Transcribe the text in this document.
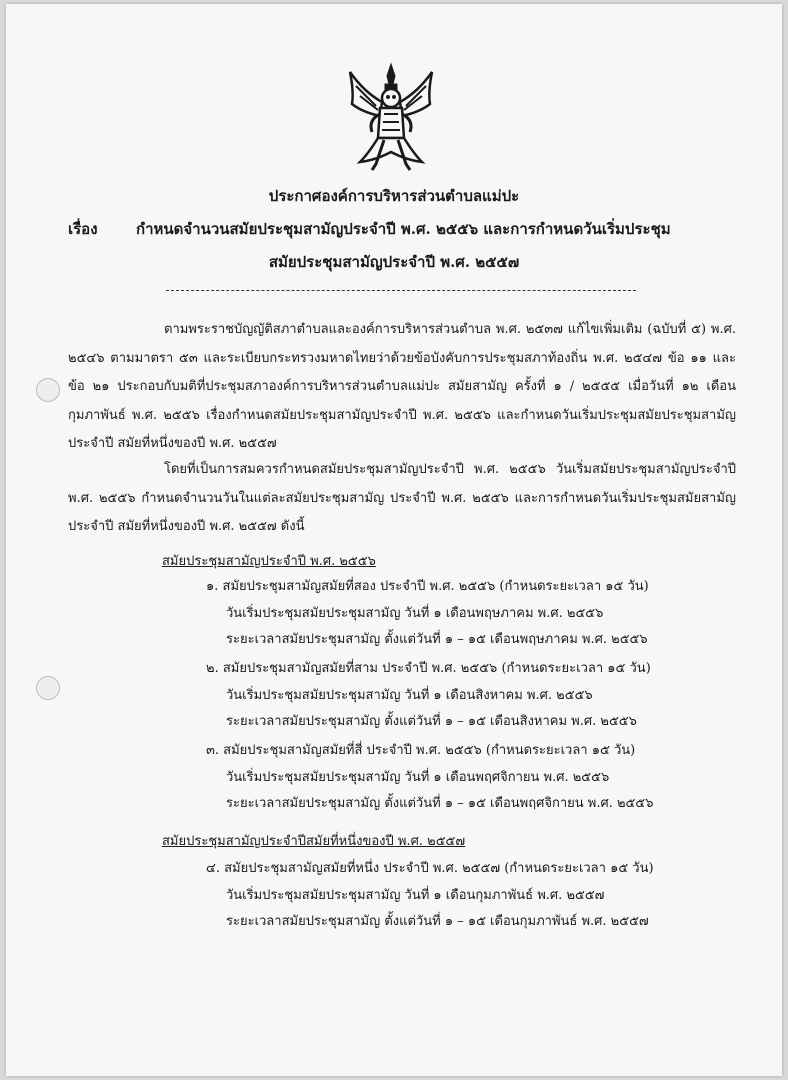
ประกาศองค์การบริหารส่วนตำบลแม่ปะ
เรื่อง	กำหนดจำนวนสมัยประชุมสามัญประจำปี พ.ศ. ๒๕๕๖ และการกำหนดวันเริ่มประชุม
สมัยประชุมสามัญประจำปี พ.ศ. ๒๕๕๗

ตามพระราชบัญญัติสภาตำบลและองค์การบริหารส่วนตำบล พ.ศ. ๒๕๓๗ แก้ไขเพิ่มเติม (ฉบับที่ ๕) พ.ศ. ๒๕๔๖ ตามมาตรา ๕๓ และระเบียบกระทรวงมหาดไทยว่าด้วยข้อบังคับการประชุมสภาท้องถิ่น พ.ศ. ๒๕๔๗ ข้อ ๑๑ และข้อ ๒๑ ประกอบกับมติที่ประชุมสภาองค์การบริหารส่วนตำบลแม่ปะ สมัยสามัญ ครั้งที่ ๑ / ๒๕๕๕ เมื่อวันที่ ๑๒ เดือนกุมภาพันธ์ พ.ศ. ๒๕๕๖ เรื่องกำหนดสมัยประชุมสามัญประจำปี พ.ศ. ๒๕๕๖ และกำหนดวันเริ่มประชุมสมัยประชุมสามัญประจำปี สมัยที่หนึ่งของปี พ.ศ. ๒๕๕๗

โดยที่เป็นการสมควรกำหนดสมัยประชุมสามัญประจำปี พ.ศ. ๒๕๕๖ วันเริ่มสมัยประชุมสามัญประจำปี พ.ศ. ๒๕๕๖ กำหนดจำนวนวันในแต่ละสมัยประชุมสามัญ ประจำปี พ.ศ. ๒๕๕๖ และการกำหนดวันเริ่มประชุมสมัยสามัญประจำปี สมัยที่หนึ่งของปี พ.ศ. ๒๕๕๗ ดังนี้

สมัยประชุมสามัญประจำปี พ.ศ. ๒๕๕๖
๑. สมัยประชุมสามัญสมัยที่สอง ประจำปี พ.ศ. ๒๕๕๖ (กำหนดระยะเวลา ๑๕ วัน)
วันเริ่มประชุมสมัยประชุมสามัญ วันที่ ๑ เดือนพฤษภาคม พ.ศ. ๒๕๕๖
ระยะเวลาสมัยประชุมสามัญ ตั้งแต่วันที่ ๑ – ๑๕ เดือนพฤษภาคม พ.ศ. ๒๕๕๖
๒. สมัยประชุมสามัญสมัยที่สาม ประจำปี พ.ศ. ๒๕๕๖ (กำหนดระยะเวลา ๑๕ วัน)
วันเริ่มประชุมสมัยประชุมสามัญ วันที่ ๑ เดือนสิงหาคม พ.ศ. ๒๕๕๖
ระยะเวลาสมัยประชุมสามัญ ตั้งแต่วันที่ ๑ – ๑๕ เดือนสิงหาคม พ.ศ. ๒๕๕๖
๓. สมัยประชุมสามัญสมัยที่สี่ ประจำปี พ.ศ. ๒๕๕๖ (กำหนดระยะเวลา ๑๕ วัน)
วันเริ่มประชุมสมัยประชุมสามัญ วันที่ ๑ เดือนพฤศจิกายน พ.ศ. ๒๕๕๖
ระยะเวลาสมัยประชุมสามัญ ตั้งแต่วันที่ ๑ – ๑๕ เดือนพฤศจิกายน พ.ศ. ๒๕๕๖
สมัยประชุมสามัญประจำปีสมัยที่หนึ่งของปี พ.ศ. ๒๕๕๗
๔. สมัยประชุมสามัญสมัยที่หนึ่ง ประจำปี พ.ศ. ๒๕๕๗ (กำหนดระยะเวลา ๑๕ วัน)
วันเริ่มประชุมสมัยประชุมสามัญ วันที่ ๑ เดือนกุมภาพันธ์ พ.ศ. ๒๕๕๗
ระยะเวลาสมัยประชุมสามัญ ตั้งแต่วันที่ ๑ – ๑๕ เดือนกุมภาพันธ์ พ.ศ. ๒๕๕๗
